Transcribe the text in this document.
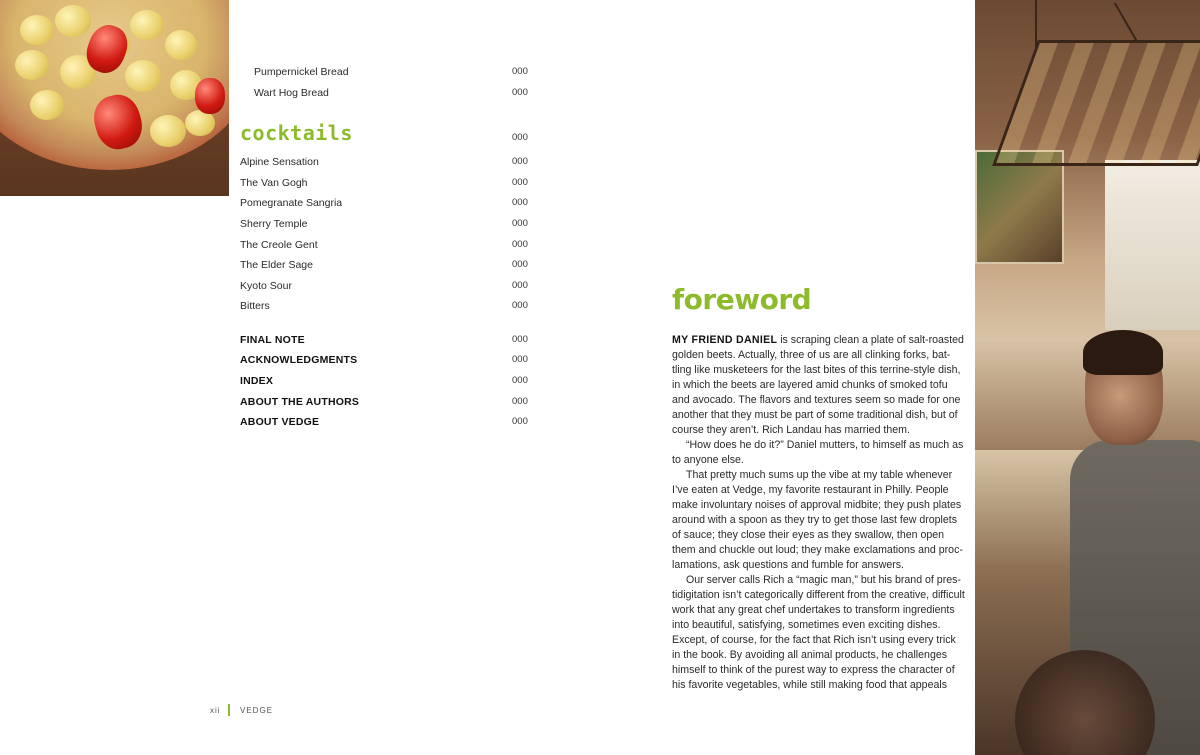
Pumpernickel Bread	000
Wart Hog Bread	000
cocktails	000
Alpine Sensation	000
The Van Gogh	000
Pomegranate Sangria	000
Sherry Temple	000
The Creole Gent	000
The Elder Sage	000
Kyoto Sour	000
Bitters	000
FINAL NOTE	000
ACKNOWLEDGMENTS	000
INDEX	000
ABOUT THE AUTHORS	000
ABOUT VEDGE	000
xii VEDGE
foreword
MY FRIEND DANIEL is scraping clean a plate of salt-roasted
golden beets. Actually, three of us are all clinking forks, bat-
tling like musketeers for the last bites of this terrine-style dish,
in which the beets are layered amid chunks of smoked tofu
and avocado. The flavors and textures seem so made for one
another that they must be part of some traditional dish, but of
course they aren’t. Rich Landau has married them.
“How does he do it?” Daniel mutters, to himself as much as
to anyone else.
That pretty much sums up the vibe at my table whenever
I’ve eaten at Vedge, my favorite restaurant in Philly. People
make involuntary noises of approval midbite; they push plates
around with a spoon as they try to get those last few droplets
of sauce; they close their eyes as they swallow, then open
them and chuckle out loud; they make exclamations and proc-
lamations, ask questions and fumble for answers.
Our server calls Rich a “magic man,” but his brand of pres-
tidigitation isn’t categorically different from the creative, difficult
work that any great chef undertakes to transform ingredients
into beautiful, satisfying, sometimes even exciting dishes.
Except, of course, for the fact that Rich isn’t using every trick
in the book. By avoiding all animal products, he challenges
himself to think of the purest way to express the character of
his favorite vegetables, while still making food that appeals
